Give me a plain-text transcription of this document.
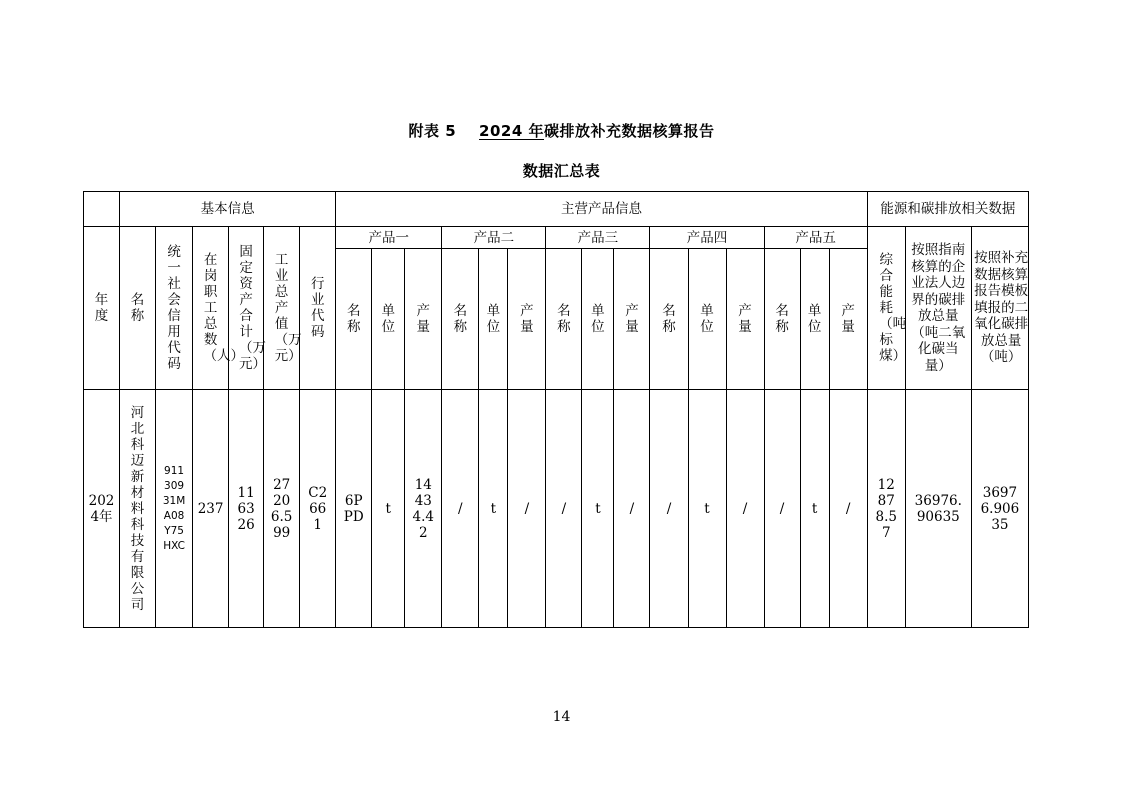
附表 5 2024 年碳排放补充数据核算报告
数据汇总表
	基本信息						主营产品信息															能源和碳排放相关数据		
年度	名称	统一社会信用代码	在岗职工总数（人）	固定资产合计（万元）	工业总产值（万元）	行业代码	产品一			产品二			产品三			产品四			产品五			综合能耗（吨标煤）	按照指南核算的企业法人边界的碳排放总量（吨二氧化碳当量）	按照补充数据核算报告模板填报的二氧化碳排放总量（吨）
							名称	单位	产量	名称	单位	产量	名称	单位	产量	名称	单位	产量	名称	单位	产量			
2024年	河北科迈新材料科技有限公司	91130931MA08Y75HXC	237	116326	27206.599	C2661	6PPD	t	14434.42	/	t	/	/	t	/	/	t	/	/	t	/	12878.57	36976.90635	36976.90635
14
